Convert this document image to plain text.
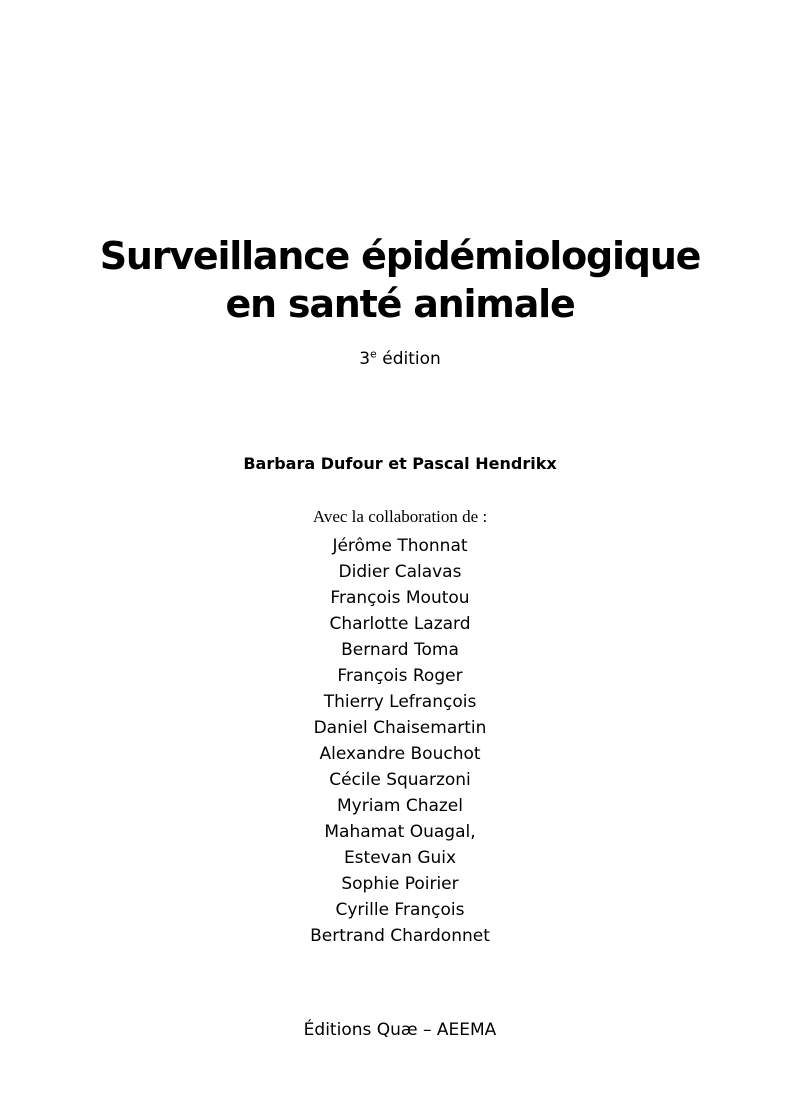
Surveillance épidémiologique
en santé animale
3e édition
Barbara Dufour et Pascal Hendrikx
Avec la collaboration de :
Jérôme Thonnat
Didier Calavas
François Moutou
Charlotte Lazard
Bernard Toma
François Roger
Thierry Lefrançois
Daniel Chaisemartin
Alexandre Bouchot
Cécile Squarzoni
Myriam Chazel
Mahamat Ouagal,
Estevan Guix
Sophie Poirier
Cyrille François
Bertrand Chardonnet
Éditions Quæ – AEEMA
